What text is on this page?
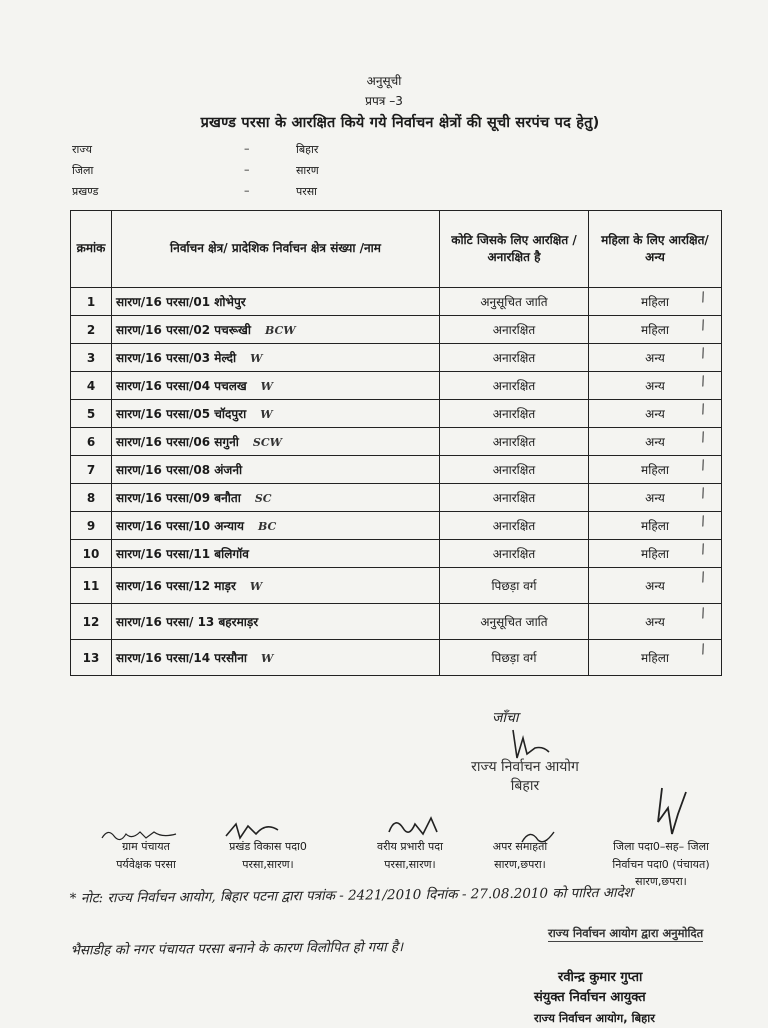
अनुसूची
प्रपत्र –3
प्रखण्ड परसा के आरक्षित किये गये निर्वाचन क्षेत्रों की सूची सरपंच पद हेतु)
राज्य	–	बिहार
जिला	–	सारण
प्रखण्ड	–	परसा
क्रमांक	निर्वाचन क्षेत्र/ प्रादेशिक निर्वाचन क्षेत्र संख्या /नाम	कोटि जिसके लिए आरक्षित /अनारक्षित है	महिला के लिए आरक्षित/ अन्य
1	सारण/16 परसा/01 शोभेपुर	अनुसूचित जाति	महिला ∕

2	सारण/16 परसा/02 पचरूखी BCW	अनारक्षित	महिला ∕

3	सारण/16 परसा/03 मेल्दी W	अनारक्षित	अन्य ∕

4	सारण/16 परसा/04 पचलख W	अनारक्षित	अन्य ∕

5	सारण/16 परसा/05 चॉदपुरा W	अनारक्षित	अन्य ∕

6	सारण/16 परसा/06 सगुनी SCW	अनारक्षित	अन्य ∕

7	सारण/16 परसा/08 अंजनी	अनारक्षित	महिला ∕

8	सारण/16 परसा/09 बनौता SC	अनारक्षित	अन्य ∕

9	सारण/16 परसा/10 अन्याय BC	अनारक्षित	महिला ∕

10	सारण/16 परसा/11 बलिगॉव	अनारक्षित	महिला ∕

11	सारण/16 परसा/12 माड़र W	पिछड़ा वर्ग	अन्य
∕

12	सारण/16 परसा/ 13 बहरमाड़र	अनुसूचित जाति	अन्य
∕

13	सारण/16 परसा/14 परसौना W	पिछड़ा वर्ग	महिला
∕
जॉंचा
राज्य निर्वाचन आयोग
बिहार
ग्राम पंचायत
पर्यवेक्षक परसा
प्रखंड विकास पदा0
परसा,सारण।
वरीय प्रभारी पदा
परसा,सारण।
अपर समाहर्ता
सारण,छपरा।
जिला पदा0–सह– जिला
निर्वाचन पदा0 (पंचायत)
सारण,छपरा।
* नोट: राज्य निर्वाचन आयोग, बिहार पटना द्वारा पत्रांक - 2421/2010 दिनांक - 27.08.2010 को पारित आदेश
भैसाडीह को नगर पंचायत परसा बनाने के कारण विलोपित हो गया है।
राज्य निर्वाचन आयोग द्वारा अनुमोदित
रवीन्द्र कुमार गुप्ता
संयुक्त निर्वाचन आयुक्त
राज्य निर्वाचन आयोग, बिहार
